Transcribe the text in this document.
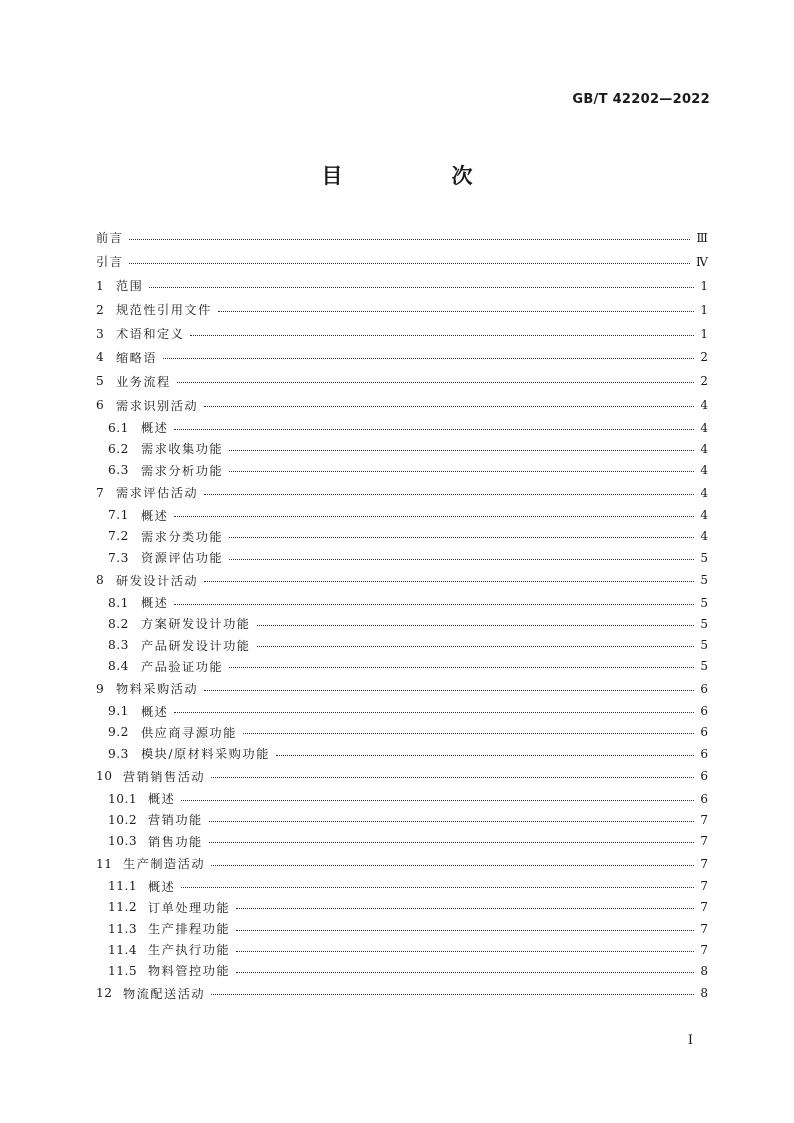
GB/T 42202—2022
目　次
前言	Ⅲ
引言	Ⅳ
1 范围	1
2 规范性引用文件	1
3 术语和定义	1
4 缩略语	2
5 业务流程	2
6 需求识别活动	4
6.1 概述	4
6.2 需求收集功能	4
6.3 需求分析功能	4
7 需求评估活动	4
7.1 概述	4
7.2 需求分类功能	4
7.3 资源评估功能	5
8 研发设计活动	5
8.1 概述	5
8.2 方案研发设计功能	5
8.3 产品研发设计功能	5
8.4 产品验证功能	5
9 物料采购活动	6
9.1 概述	6
9.2 供应商寻源功能	6
9.3 模块/原材料采购功能	6
10 营销销售活动	6
10.1 概述	6
10.2 营销功能	7
10.3 销售功能	7
11 生产制造活动	7
11.1 概述	7
11.2 订单处理功能	7
11.3 生产排程功能	7
11.4 生产执行功能	7
11.5 物料管控功能	8
12 物流配送活动	8
I
